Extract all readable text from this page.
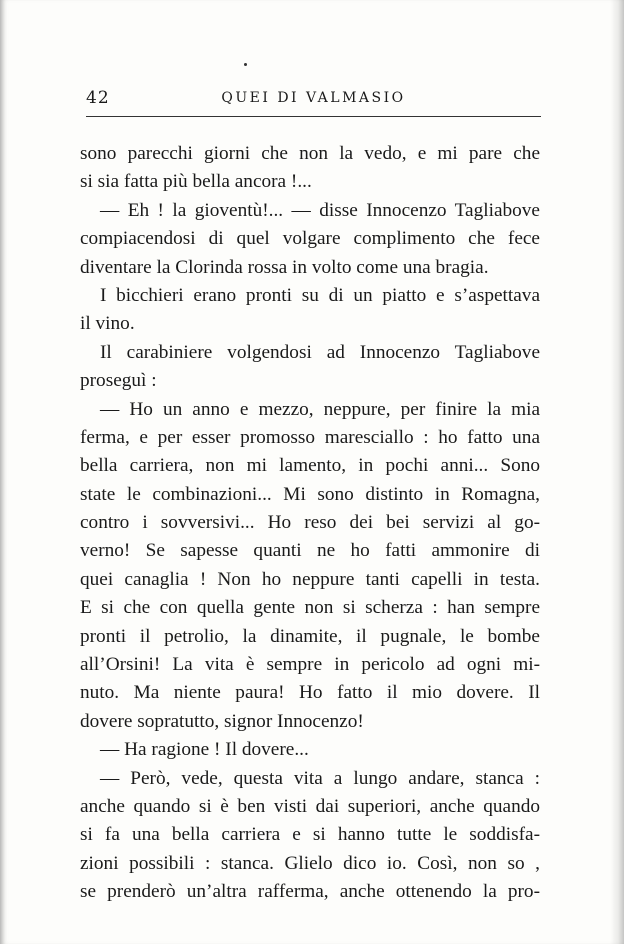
42	QUEI DI VALMASIO
sono parecchi giorni che non la vedo, e mi pare che
si sia fatta più bella ancora !...
— Eh ! la gioventù!... — disse Innocenzo Tagliabove
compiacendosi di quel volgare complimento che fece
diventare la Clorinda rossa in volto come una bragia.
I bicchieri erano pronti su di un piatto e s’aspettava
il vino.
Il carabiniere volgendosi ad Innocenzo Tagliabove
proseguì :
— Ho un anno e mezzo, neppure, per finire la mia
ferma, e per esser promosso maresciallo : ho fatto una
bella carriera, non mi lamento, in pochi anni... Sono
state le combinazioni... Mi sono distinto in Romagna,
contro i sovversivi... Ho reso dei bei servizi al go-
verno! Se sapesse quanti ne ho fatti ammonire di
quei canaglia ! Non ho neppure tanti capelli in testa.
E si che con quella gente non si scherza : han sempre
pronti il petrolio, la dinamite, il pugnale, le bombe
all’Orsini! La vita è sempre in pericolo ad ogni mi-
nuto. Ma niente paura! Ho fatto il mio dovere. Il
dovere sopratutto, signor Innocenzo!
— Ha ragione ! Il dovere...
— Però, vede, questa vita a lungo andare, stanca :
anche quando si è ben visti dai superiori, anche quando
si fa una bella carriera e si hanno tutte le soddisfa-
zioni possibili : stanca. Glielo dico io. Così, non so ,
se prenderò un’altra rafferma, anche ottenendo la pro-
